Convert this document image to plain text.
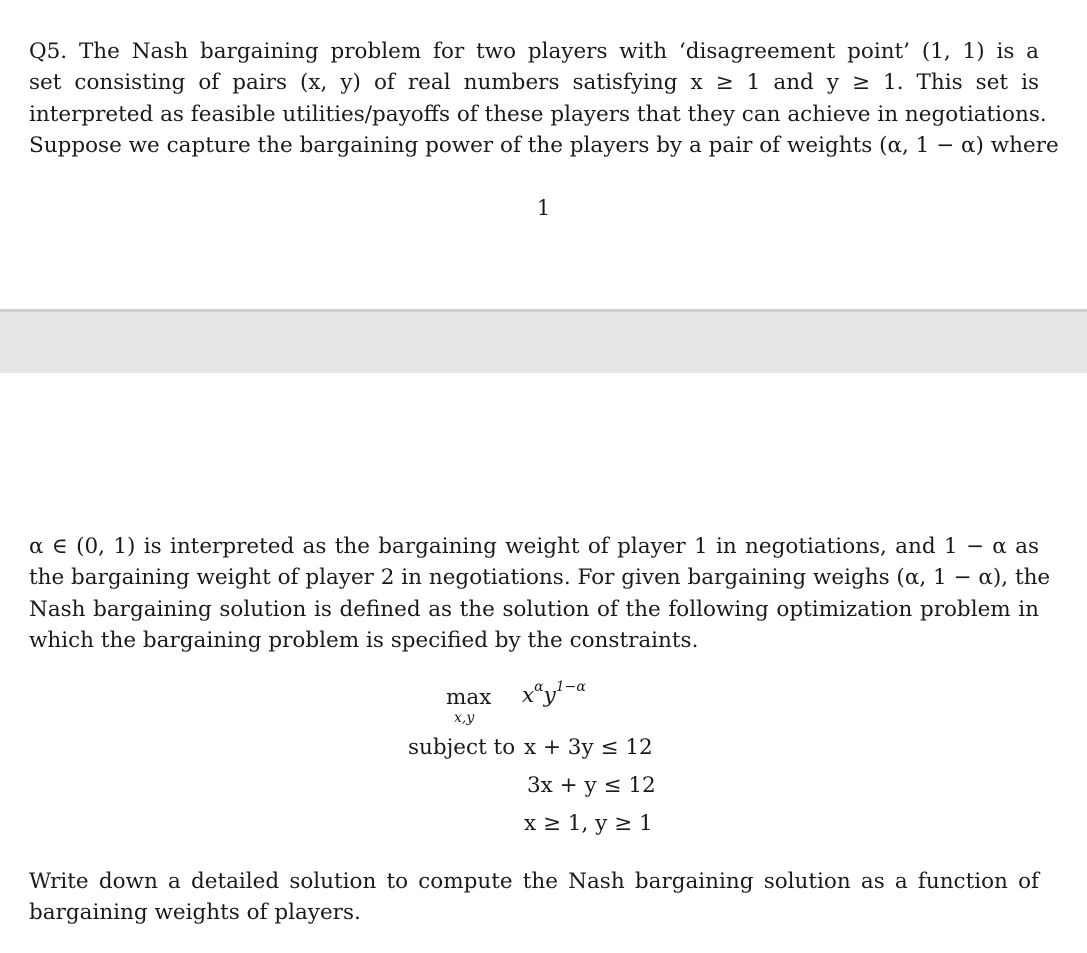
Q5. The Nash bargaining problem for two players with ‘disagreement point’ (1, 1) is a
set consisting of pairs (x, y) of real numbers satisfying x ≥ 1 and y ≥ 1. This set is
interpreted as feasible utilities/payoffs of these players that they can achieve in negotiations.
Suppose we capture the bargaining power of the players by a pair of weights (α, 1 − α) where
1
α ∈ (0, 1) is interpreted as the bargaining weight of player 1 in negotiations, and 1 − α as
the bargaining weight of player 2 in negotiations. For given bargaining weighs (α, 1 − α), the
Nash bargaining solution is defined as the solution of the following optimization problem in
which the bargaining problem is specified by the constraints.
max
x,y
$x^\alpha y^{1-\alpha}$
subject to x + 3y ≤ 12
3x + y ≤ 12
x ≥ 1, y ≥ 1
Write down a detailed solution to compute the Nash bargaining solution as a function of
bargaining weights of players.
